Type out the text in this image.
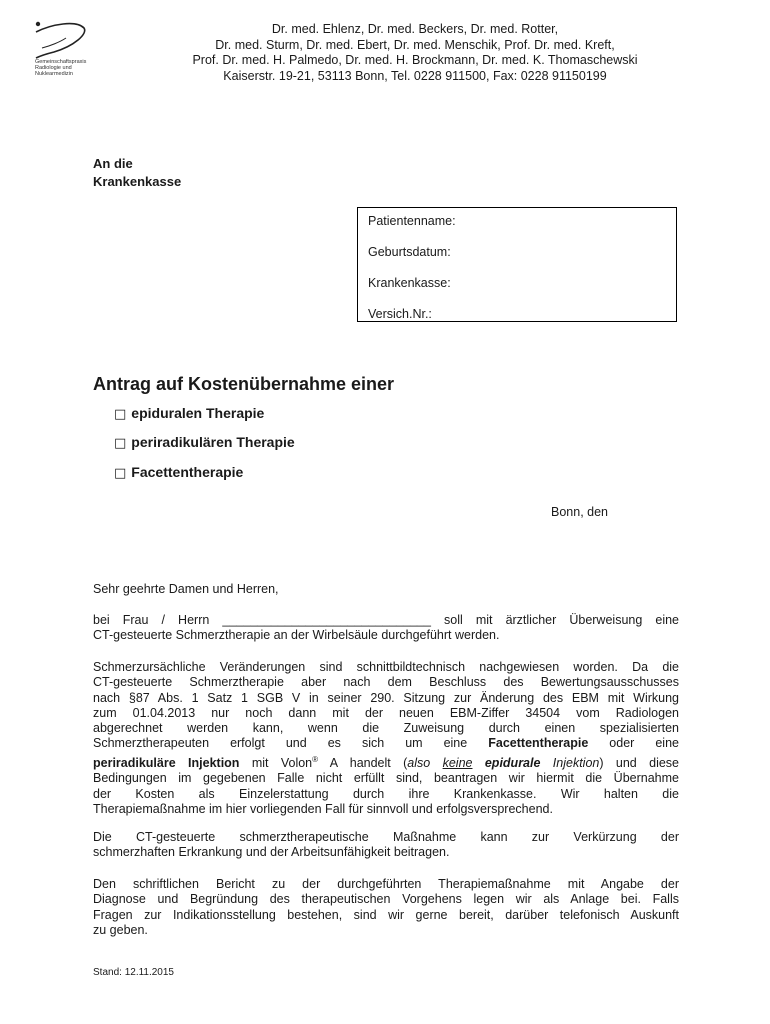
Gemeinschaftspraxis
Radiologie und
Nuklearmedizin
Dr. med. Ehlenz, Dr. med. Beckers, Dr. med. Rotter,
Dr. med. Sturm, Dr. med. Ebert, Dr. med. Menschik, Prof. Dr. med. Kreft,
Prof. Dr. med. H. Palmedo, Dr. med. H. Brockmann, Dr. med. K. Thomaschewski
Kaiserstr. 19-21, 53113 Bonn, Tel. 0228 911500, Fax: 0228 91150199
An die
Krankenkasse
Patientenname:
Geburtsdatum:
Krankenkasse:
Versich.Nr.:
Antrag auf Kostenübernahme einer
□ epiduralen Therapie
□ periradikulären Therapie
□ Facettentherapie
Bonn, den
Sehr geehrte Damen und Herren,
bei Frau / Herrn ______________________________ soll mit ärztlicher Überweisung eine
CT-gesteuerte Schmerztherapie an der Wirbelsäule durchgeführt werden.
Schmerzursächliche Veränderungen sind schnittbildtechnisch nachgewiesen worden. Da die
CT-gesteuerte Schmerztherapie aber nach dem Beschluss des Bewertungsausschusses
nach §87 Abs. 1 Satz 1 SGB V in seiner 290. Sitzung zur Änderung des EBM mit Wirkung
zum 01.04.2013 nur noch dann mit der neuen EBM-Ziffer 34504 vom Radiologen
abgerechnet werden kann, wenn die Zuweisung durch einen spezialisierten
Schmerztherapeuten erfolgt und es sich um eine Facettentherapie oder eine
periradikuläre Injektion mit Volon® A handelt (also keine epidurale Injektion) und diese
Bedingungen im gegebenen Falle nicht erfüllt sind, beantragen wir hiermit die Übernahme
der Kosten als Einzelerstattung durch ihre Krankenkasse. Wir halten die
Therapiemaßnahme im hier vorliegenden Fall für sinnvoll und erfolgsversprechend.
Die CT-gesteuerte schmerztherapeutische Maßnahme kann zur Verkürzung der
schmerzhaften Erkrankung und der Arbeitsunfähigkeit beitragen.
Den schriftlichen Bericht zu der durchgeführten Therapiemaßnahme mit Angabe der
Diagnose und Begründung des therapeutischen Vorgehens legen wir als Anlage bei. Falls
Fragen zur Indikationsstellung bestehen, sind wir gerne bereit, darüber telefonisch Auskunft
zu geben.
Stand: 12.11.2015
